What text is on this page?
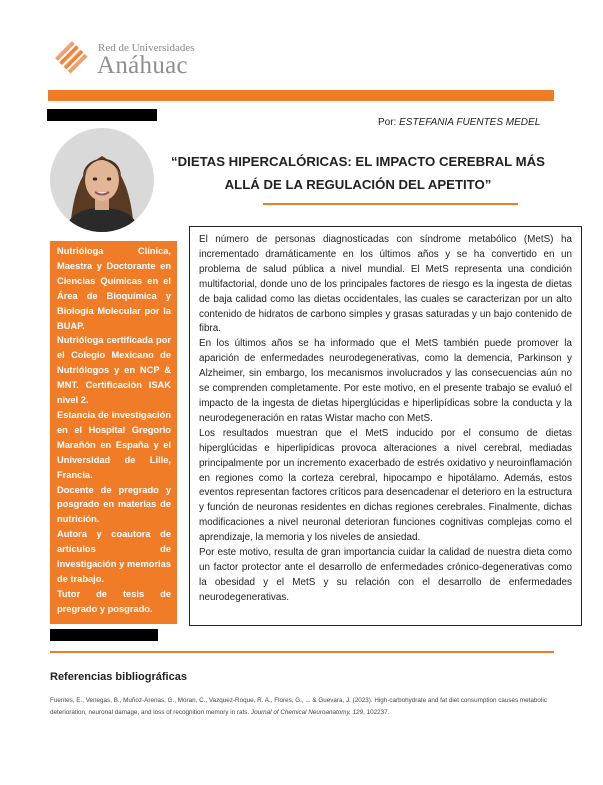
Red de Universidades
Anáhuac
Por: ESTEFANIA FUENTES MEDEL
“DIETAS HIPERCALÓRICAS: EL IMPACTO CEREBRAL MÁS
ALLÁ DE LA REGULACIÓN DEL APETITO”

Nutrióloga Clínica, Maestra y Doctorante en Ciencias Químicas en el Área de Bioquímica y Biología Molecular por la BUAP.

Nutrióloga certificada por el Colegio Mexicano de Nutriólogos y en NCP & MNT. Certificación ISAK nivel 2.

Estancia de investigación en el Hospital Gregorio Marañón en España y el Universidad de Lille, Francia.

Docente de pregrado y posgrado en materias de nutrición.

Autora y coautora de artículos de investigación y memorias de trabajo.

Tutor de tesis de pregrado y posgrado.

El número de personas diagnosticadas con síndrome metabólico (MetS) ha incrementado dramáticamente en los últimos años y se ha convertido en un problema de salud pública a nivel mundial. El MetS representa una condición multifactorial, donde uno de los principales factores de riesgo es la ingesta de dietas de baja calidad como las dietas occidentales, las cuales se caracterizan por un alto contenido de hidratos de carbono simples y grasas saturadas y un bajo contenido de fibra.

En los últimos años se ha informado que el MetS también puede promover la aparición de enfermedades neurodegenerativas, como la demencia, Parkinson y Alzheimer, sin embargo, los mecanismos involucrados y las consecuencias aún no se comprenden completamente. Por este motivo, en el presente trabajo se evaluó el impacto de la ingesta de dietas hiperglúcidas e hiperlipídicas sobre la conducta y la neurodegeneración en ratas Wistar macho con MetS.

Los resultados muestran que el MetS inducido por el consumo de dietas hiperglúcidas e hiperlipídicas provoca alteraciones a nivel cerebral, mediadas principalmente por un incremento exacerbado de estrés oxidativo y neuroinflamación en regiones como la corteza cerebral, hipocampo e hipotálamo. Además, estos eventos representan factores críticos para desencadenar el deterioro en la estructura y función de neuronas residentes en dichas regiones cerebrales. Finalmente, dichas modificaciones a nivel neuronal deterioran funciones cognitivas complejas como el aprendizaje, la memoria y los niveles de ansiedad.

Por este motivo, resulta de gran importancia cuidar la calidad de nuestra dieta como un factor protector ante el desarrollo de enfermedades crónico-degenerativas como la obesidad y el MetS y su relación con el desarrollo de enfermedades neurodegenerativas.

Referencias bibliográficas
Fuentes, E., Venegas, B., Muñoz-Arenas, G., Moran, C., Vazquez-Roque, R. A., Flores, G., ... & Guevara, J. (2023). High-carbohydrate and fat diet consumption causes metabolic deterioration, neuronal damage, and loss of recognition memory in rats. Journal of Chemical Neuroanatomy, 129, 102237.
